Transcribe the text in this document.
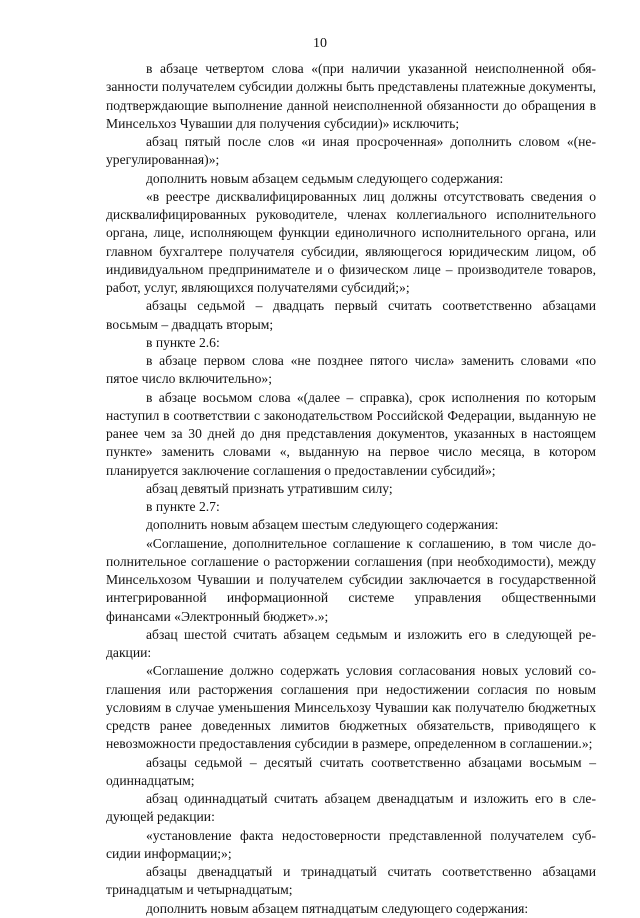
10

в абзаце четвертом слова «(при наличии указанной неисполненной обязанности получателем субсидии должны быть представлены платежные документы, подтверждающие выполнение данной неисполненной обязанности до обращения в Минсельхоз Чувашии для получения субсидии)» исключить;

абзац пятый после слов «и иная просроченная» дополнить словом «(неурегулированная)»;

дополнить новым абзацем седьмым следующего содержания:

«в реестре дисквалифицированных лиц должны отсутствовать сведения о дисквалифицированных руководителе, членах коллегиального исполнительного органа, лице, исполняющем функции единоличного исполнительного органа, или главном бухгалтере получателя субсидии, являющегося юридическим лицом, об индивидуальном предпринимателе и о физическом лице – производителе товаров, работ, услуг, являющихся получателями субсидий;»;

абзацы седьмой – двадцать первый считать соответственно абзацами восьмым – двадцать вторым;

в пункте 2.6:

в абзаце первом слова «не позднее пятого числа» заменить словами «по пятое число включительно»;

в абзаце восьмом слова «(далее – справка), срок исполнения по которым наступил в соответствии с законодательством Российской Федерации, выданную не ранее чем за 30 дней до дня представления документов, указанных в настоящем пункте» заменить словами «, выданную на первое число месяца, в котором планируется заключение соглашения о предоставлении субсидий»;

абзац девятый признать утратившим силу;

в пункте 2.7:

дополнить новым абзацем шестым следующего содержания:

«Соглашение, дополнительное соглашение к соглашению, в том числе дополнительное соглашение о расторжении соглашения (при необходимости), между Минсельхозом Чувашии и получателем субсидии заключается в государственной интегрированной информационной системе управления общественными финансами «Электронный бюджет».»;

абзац шестой считать абзацем седьмым и изложить его в следующей редакции:

«Соглашение должно содержать условия согласования новых условий соглашения или расторжения соглашения при недостижении согласия по новым условиям в случае уменьшения Минсельхозу Чувашии как получателю бюджетных средств ранее доведенных лимитов бюджетных обязательств, приводящего к невозможности предоставления субсидии в размере, определенном в соглашении.»;

абзацы седьмой – десятый считать соответственно абзацами восьмым – одиннадцатым;

абзац одиннадцатый считать абзацем двенадцатым и изложить его в следующей редакции:

«установление факта недостоверности представленной получателем субсидии информации;»;

абзацы двенадцатый и тринадцатый считать соответственно абзацами тринадцатым и четырнадцатым;

дополнить новым абзацем пятнадцатым следующего содержания:
